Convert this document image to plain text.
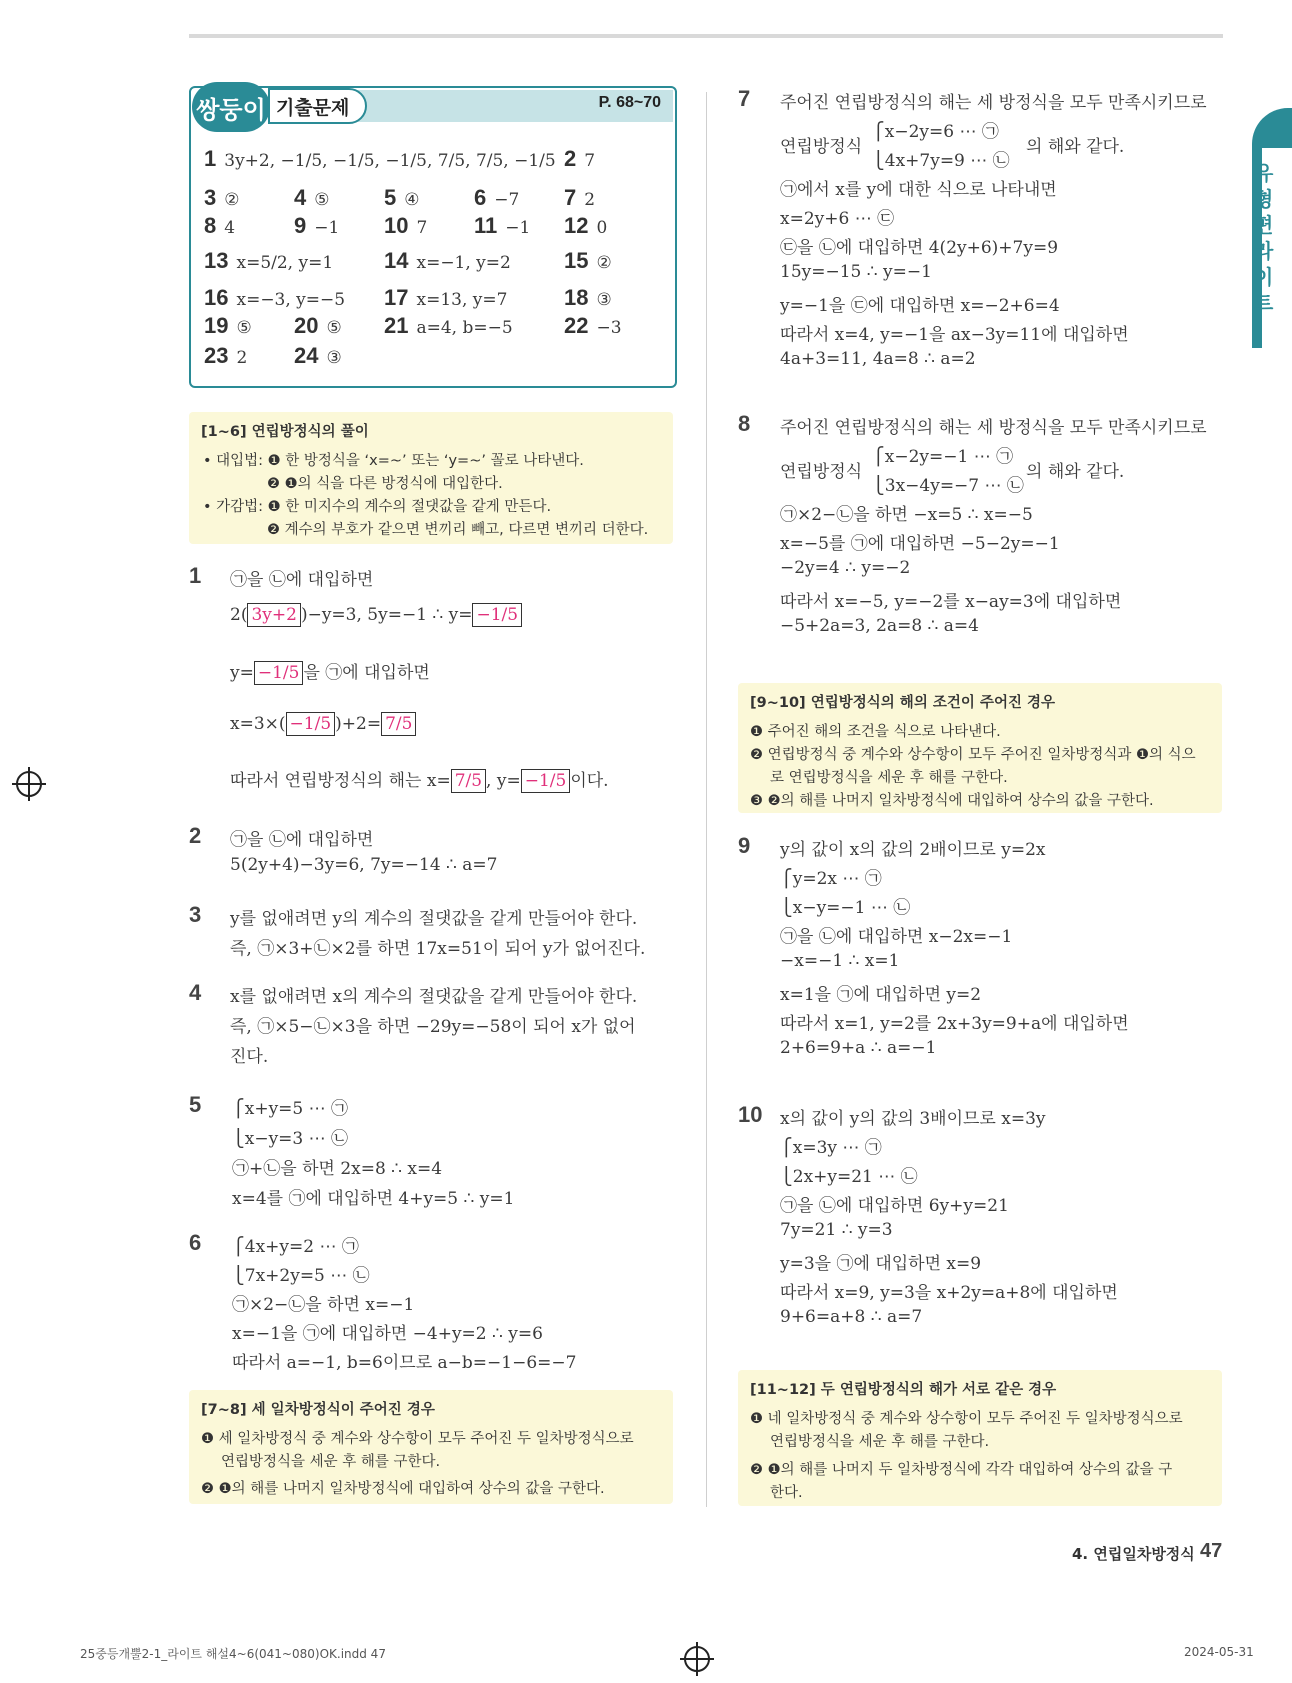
유형편 라이트
쌍둥이 기출문제	P. 68~70
1 3y+2, −1/5, −1/5, −1/5, 7/5, 7/5, −1/5 2 7
3 ② 4 ⑤ 5 ④ 6 −7 7 2
8 4	9 −1 10 7 11 −1 12 0
13 x=5/2, y=1 14 x=−1, y=2 15 ②
16 x=−3, y=−5 17 x=13, y=7	18 ③
19 ⑤ 20 ⑤ 21 a=4, b=−5 22 −3
23 2 24 ③
[1~6] 연립방정식의 풀이
• 대입법: ❶ 한 방정식을 ‘x=~’ 또는 ‘y=~’ 꼴로 나타낸다.
❷ ❶의 식을 다른 방정식에 대입한다.
• 가감법: ❶ 한 미지수의 계수의 절댓값을 같게 만든다.
❷ 계수의 부호가 같으면 변끼리 빼고, 다르면 변끼리 더한다.
1 ㉠을 ㉡에 대입하면
2( 3y+2 )−y=3, 5y=−1 ∴ y= −1/5
y= −1/5 을 ㉠에 대입하면
x=3×( −1/5 )+2= 7/5
따라서 연립방정식의 해는 x= 7/5 , y= −1/5 이다.
2 ㉠을 ㉡에 대입하면
5(2y+4)−3y=6, 7y=−14 ∴ a=7
3 y를 없애려면 y의 계수의 절댓값을 같게 만들어야 한다.
즉, ㉠×3+㉡×2를 하면 17x=51이 되어 y가 없어진다.
4 x를 없애려면 x의 계수의 절댓값을 같게 만들어야 한다.
즉, ㉠×5−㉡×3을 하면 −29y=−58이 되어 x가 없어
진다.
5 ⎧x+y=5 ⋯ ㉠
⎩x−y=3 ⋯ ㉡
㉠+㉡을 하면 2x=8 ∴ x=4
x=4를 ㉠에 대입하면 4+y=5 ∴ y=1
6 ⎧4x+y=2 ⋯ ㉠
⎩7x+2y=5 ⋯ ㉡
㉠×2−㉡을 하면 x=−1
x=−1을 ㉠에 대입하면 −4+y=2 ∴ y=6
따라서 a=−1, b=6이므로 a−b=−1−6=−7
[7~8] 세 일차방정식이 주어진 경우
❶ 세 일차방정식 중 계수와 상수항이 모두 주어진 두 일차방정식으로
연립방정식을 세운 후 해를 구한다.
❷ ❶의 해를 나머지 일차방정식에 대입하여 상수의 값을 구한다.
7 주어진 연립방정식의 해는 세 방정식을 모두 만족시키므로
⎧x−2y=6 ⋯ ㉠
⎩4x+7y=9 ⋯ ㉡
㉠에서 x를 y에 대한 식으로 나타내면
x=2y+6 ⋯ ㉢
㉢을 ㉡에 대입하면 4(2y+6)+7y=9
15y=−15 ∴ y=−1
y=−1을 ㉢에 대입하면 x=−2+6=4
따라서 x=4, y=−1을 ax−3y=11에 대입하면
4a+3=11, 4a=8 ∴ a=2
연립방정식	의 해와 같다.
8 주어진 연립방정식의 해는 세 방정식을 모두 만족시키므로
⎧x−2y=−1 ⋯ ㉠
⎩3x−4y=−7 ⋯ ㉡
㉠×2−㉡을 하면 −x=5 ∴ x=−5
x=−5를 ㉠에 대입하면 −5−2y=−1
−2y=4 ∴ y=−2
따라서 x=−5, y=−2를 x−ay=3에 대입하면
−5+2a=3, 2a=8 ∴ a=4
연립방정식	의 해와 같다.
9 y의 값이 x의 값의 2배이므로 y=2x
⎧y=2x ⋯ ㉠
⎩x−y=−1 ⋯ ㉡
㉠을 ㉡에 대입하면 x−2x=−1
−x=−1 ∴ x=1
x=1을 ㉠에 대입하면 y=2
따라서 x=1, y=2를 2x+3y=9+a에 대입하면
2+6=9+a ∴ a=−1
10 x의 값이 y의 값의 3배이므로 x=3y
⎧x=3y ⋯ ㉠
⎩2x+y=21 ⋯ ㉡
㉠을 ㉡에 대입하면 6y+y=21
7y=21 ∴ y=3
y=3을 ㉠에 대입하면 x=9
따라서 x=9, y=3을 x+2y=a+8에 대입하면
9+6=a+8 ∴ a=7
[9~10] 연립방정식의 해의 조건이 주어진 경우
❶ 주어진 해의 조건을 식으로 나타낸다.
❷ 연립방정식 중 계수와 상수항이 모두 주어진 일차방정식과 ❶의 식으
로 연립방정식을 세운 후 해를 구한다.
❸ ❷의 해를 나머지 일차방정식에 대입하여 상수의 값을 구한다.
[11~12] 두 연립방정식의 해가 서로 같은 경우
❶ 네 일차방정식 중 계수와 상수항이 모두 주어진 두 일차방정식으로
연립방정식을 세운 후 해를 구한다.
❷ ❶의 해를 나머지 두 일차방정식에 각각 대입하여 상수의 값을 구
한다.
4. 연립일차방정식 47
25중등개뿔2-1_라이트 해설4~6(041~080)OK.indd 47	2024-05-31
